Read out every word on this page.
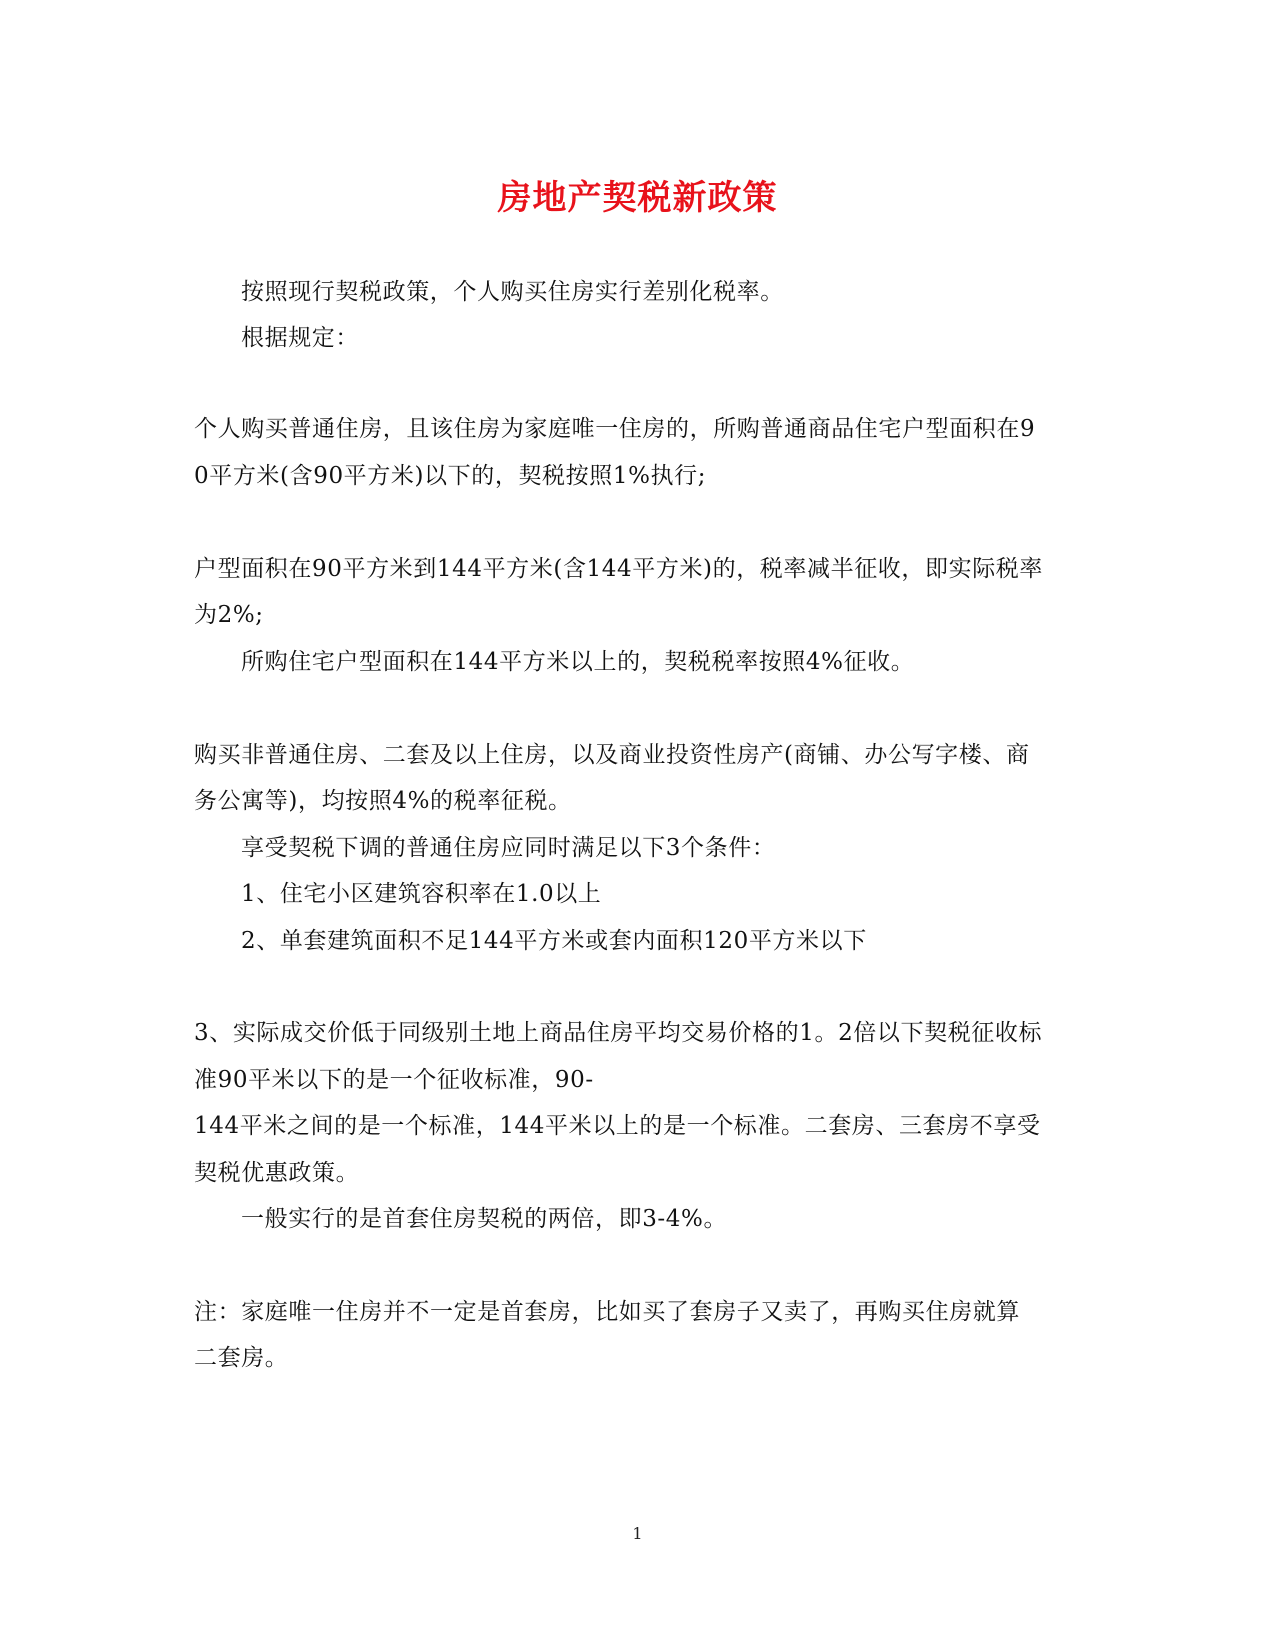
房地产契税新政策
按照现行契税政策，个人购买住房实行差别化税率。
根据规定：
个人购买普通住房，且该住房为家庭唯一住房的，所购普通商品住宅户型面积在9
0平方米(含90平方米)以下的，契税按照1%执行;
户型面积在90平方米到144平方米(含144平方米)的，税率减半征收，即实际税率
为2%;
所购住宅户型面积在144平方米以上的，契税税率按照4%征收。
购买非普通住房、二套及以上住房，以及商业投资性房产(商铺、办公写字楼、商
务公寓等)，均按照4%的税率征税。
享受契税下调的普通住房应同时满足以下3个条件：
1、住宅小区建筑容积率在1.0以上
2、单套建筑面积不足144平方米或套内面积120平方米以下
3、实际成交价低于同级别土地上商品住房平均交易价格的1。2倍以下契税征收标
准90平米以下的是一个征收标准，90-
144平米之间的是一个标准，144平米以上的是一个标准。二套房、三套房不享受
契税优惠政策。
一般实行的是首套住房契税的两倍，即3-4%。
注：家庭唯一住房并不一定是首套房，比如买了套房子又卖了，再购买住房就算
二套房。
1
